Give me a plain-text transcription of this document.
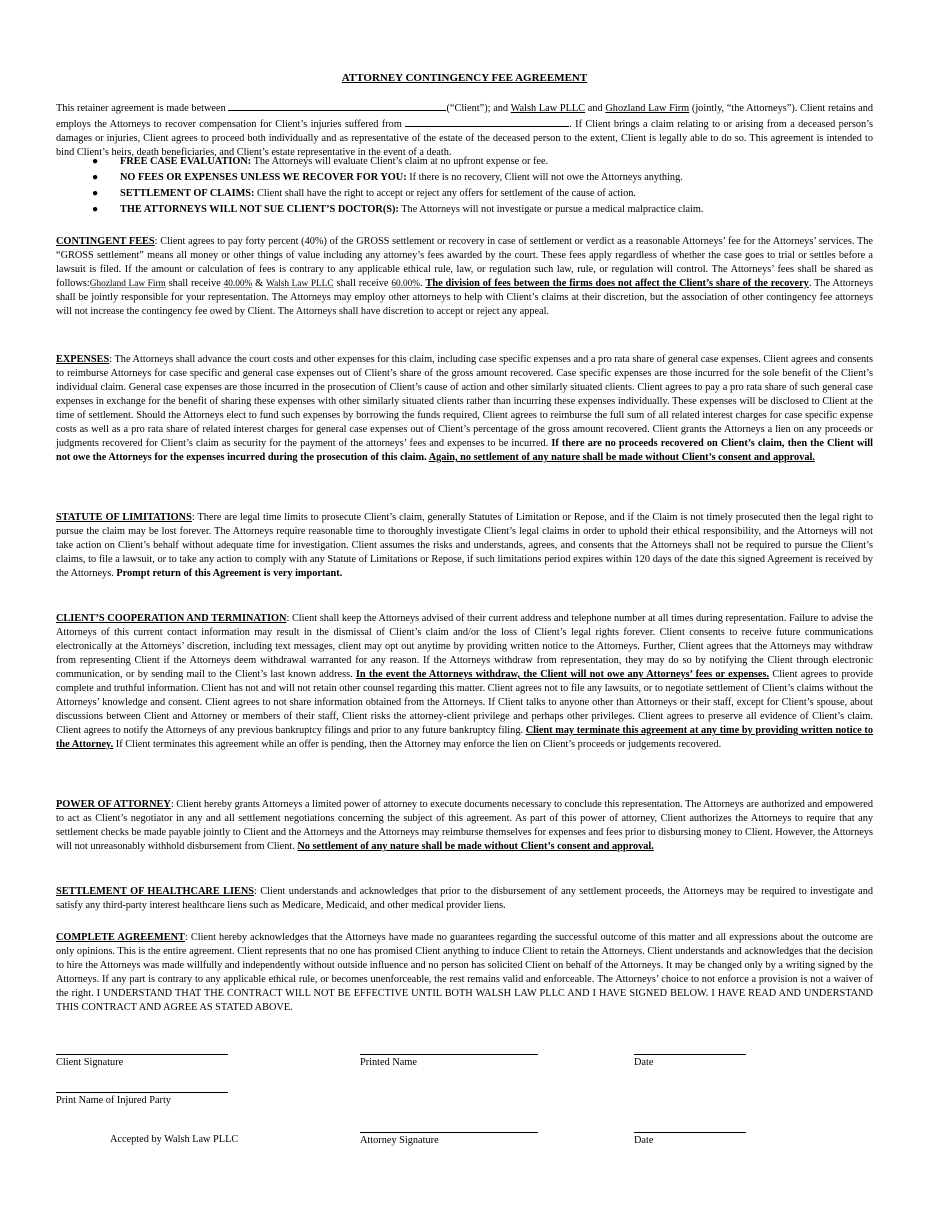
ATTORNEY CONTINGENCY FEE AGREEMENT
This retainer agreement is made between	(“Client”); and Walsh Law PLLC and Ghozland Law Firm (jointly, “the Attorneys”). Client retains and employs the Attorneys to recover compensation for Client’s injuries suffered from	. If Client brings a claim relating to or arising from a deceased person’s damages or injuries, Client agrees to proceed both individually and as representative of the estate of the deceased person to the extent, Client is legally able to do so. This agreement is intended to bind Client’s heirs, death beneficiaries, and Client’s estate representative in the event of a death.
● FREE CASE EVALUATION: The Attorneys will evaluate Client’s claim at no upfront expense or fee.
● NO FEES OR EXPENSES UNLESS WE RECOVER FOR YOU: If there is no recovery, Client will not owe the Attorneys anything.
● SETTLEMENT OF CLAIMS: Client shall have the right to accept or reject any offers for settlement of the cause of action.
● THE ATTORNEYS WILL NOT SUE CLIENT’S DOCTOR(S): The Attorneys will not investigate or pursue a medical malpractice claim.
CONTINGENT FEES: Client agrees to pay forty percent (40%) of the GROSS settlement or recovery in case of settlement or verdict as a reasonable Attorneys’ fee for the Attorneys’ services. The “GROSS settlement” means all money or other things of value including any attorney’s fees awarded by the court. These fees apply regardless of whether the case goes to trial or settles before a lawsuit is filed. If the amount or calculation of fees is contrary to any applicable ethical rule, law, or regulation such law, rule, or regulation will control. The Attorneys’ fees shall be shared as follows:Ghozland Law Firm shall receive 40.00% & Walsh Law PLLC shall receive 60.00%. The division of fees between the firms does not affect the Client’s share of the recovery. The Attorneys shall be jointly responsible for your representation. The Attorneys may employ other attorneys to help with Client’s claims at their discretion, but the association of other contingency fee attorneys will not increase the contingency fee owed by Client. The Attorneys shall have discretion to accept or reject any appeal.
EXPENSES: The Attorneys shall advance the court costs and other expenses for this claim, including case specific expenses and a pro rata share of general case expenses. Client agrees and consents to reimburse Attorneys for case specific and general case expenses out of Client’s share of the gross amount recovered. Case specific expenses are those incurred for the sole benefit of the Client’s individual claim. General case expenses are those incurred in the prosecution of Client’s cause of action and other similarly situated clients. Client agrees to pay a pro rata share of such general case expenses in exchange for the benefit of sharing these expenses with other similarly situated clients rather than incurring these expenses individually. These expenses will be disclosed to Client at the time of settlement. Should the Attorneys elect to fund such expenses by borrowing the funds required, Client agrees to reimburse the full sum of all related interest charges for case specific expense costs as well as a pro rata share of related interest charges for general case expenses out of Client’s percentage of the gross amount recovered. Client grants the Attorneys a lien on any proceeds or judgments recovered for Client’s claim as security for the payment of the attorneys’ fees and expenses to be incurred. If there are no proceeds recovered on Client’s claim, then the Client will not owe the Attorneys for the expenses incurred during the prosecution of this claim. Again, no settlement of any nature shall be made without Client’s consent and approval.
STATUTE OF LIMITATIONS: There are legal time limits to prosecute Client’s claim, generally Statutes of Limitation or Repose, and if the Claim is not timely prosecuted then the legal right to pursue the claim may be lost forever. The Attorneys require reasonable time to thoroughly investigate Client’s legal claims in order to uphold their ethical responsibility, and the Attorneys will not take action on Client’s behalf without adequate time for investigation. Client assumes the risks and understands, agrees, and consents that the Attorneys shall not be required to pursue the Client’s claims, to file a lawsuit, or to take any action to comply with any Statute of Limitations or Repose, if such limitations period expires within 120 days of the date this signed Agreement is received by the Attorneys. Prompt return of this Agreement is very important.
CLIENT’S COOPERATION AND TERMINATION: Client shall keep the Attorneys advised of their current address and telephone number at all times during representation. Failure to advise the Attorneys of this current contact information may result in the dismissal of Client’s claim and/or the loss of Client’s legal rights forever. Client consents to receive future communications electronically at the Attorneys’ discretion, including text messages, client may opt out anytime by providing written notice to the Attorneys. Further, Client agrees that the Attorneys may withdraw from representing Client if the Attorneys deem withdrawal warranted for any reason. If the Attorneys withdraw from representation, they may do so by notifying the Client through electronic communication, or by sending mail to the Client’s last known address. In the event the Attorneys withdraw, the Client will not owe any Attorneys’ fees or expenses. Client agrees to provide complete and truthful information. Client has not and will not retain other counsel regarding this matter. Client agrees not to file any lawsuits, or to negotiate settlement of Client’s claims without the Attorneys’ knowledge and consent. Client agrees to not share information obtained from the Attorneys. If Client talks to anyone other than Attorneys or their staff, except for Client’s spouse, about discussions between Client and Attorney or members of their staff, Client risks the attorney-client privilege and perhaps other privileges. Client agrees to preserve all evidence of Client’s claim. Client agrees to notify the Attorneys of any previous bankruptcy filings and prior to any future bankruptcy filing. Client may terminate this agreement at any time by providing written notice to the Attorney. If Client terminates this agreement while an offer is pending, then the Attorney may enforce the lien on Client’s proceeds or judgements recovered.
POWER OF ATTORNEY: Client hereby grants Attorneys a limited power of attorney to execute documents necessary to conclude this representation. The Attorneys are authorized and empowered to act as Client’s negotiator in any and all settlement negotiations concerning the subject of this agreement. As part of this power of attorney, Client authorizes the Attorneys to require that any settlement checks be made payable jointly to Client and the Attorneys and the Attorneys may reimburse themselves for expenses and fees prior to disbursing money to Client. However, the Attorneys will not unreasonably withhold disbursement from Client. No settlement of any nature shall be made without Client’s consent and approval.
SETTLEMENT OF HEALTHCARE LIENS: Client understands and acknowledges that prior to the disbursement of any settlement proceeds, the Attorneys may be required to investigate and satisfy any third-party interest healthcare liens such as Medicare, Medicaid, and other medical provider liens.
COMPLETE AGREEMENT: Client hereby acknowledges that the Attorneys have made no guarantees regarding the successful outcome of this matter and all expressions about the outcome are only opinions. This is the entire agreement. Client represents that no one has promised Client anything to induce Client to retain the Attorneys. Client understands and acknowledges that the decision to hire the Attorneys was made willfully and independently without outside influence and no person has solicited Client on behalf of the Attorneys. It may be changed only by a writing signed by the Attorneys. If any part is contrary to any applicable ethical rule, or becomes unenforceable, the rest remains valid and enforceable. The Attorneys’ choice to not enforce a provision is not a waiver of the right. I UNDERSTAND THAT THE CONTRACT WILL NOT BE EFFECTIVE UNTIL BOTH WALSH LAW PLLC AND I HAVE SIGNED BELOW. I HAVE READ AND UNDERSTAND THIS CONTRACT AND AGREE AS STATED ABOVE.
Client Signature	Printed Name	Date
Print Name of Injured Party
Accepted by Walsh Law PLLC	Attorney Signature	Date
